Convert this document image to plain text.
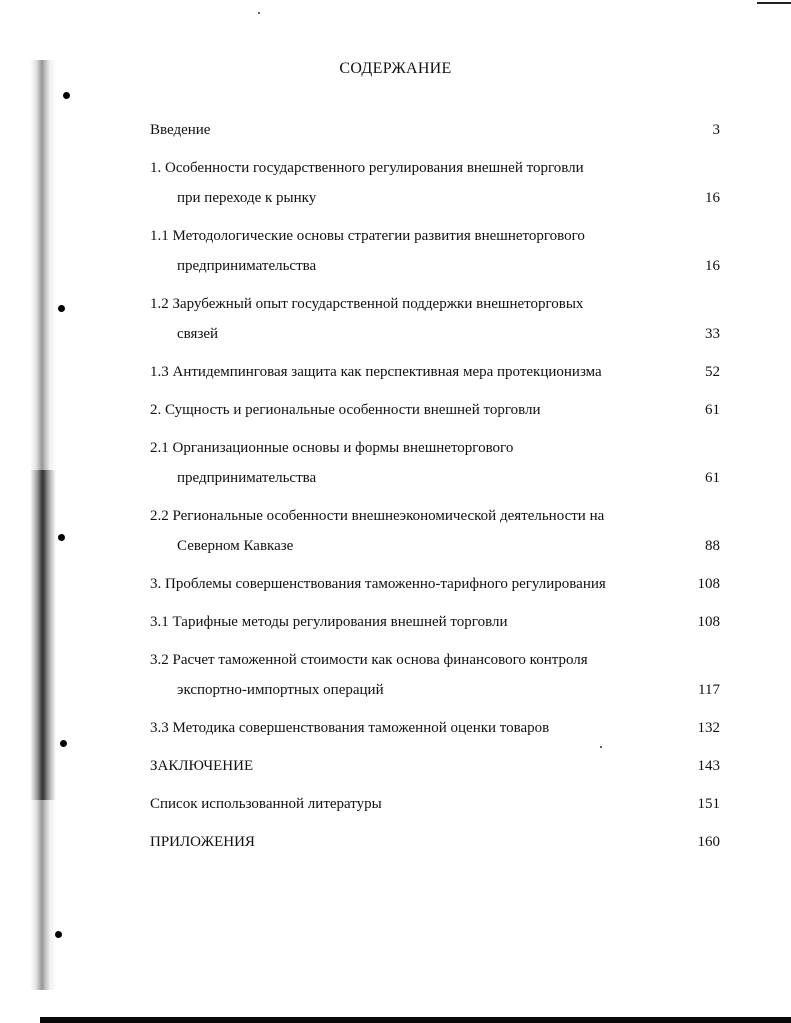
СОДЕРЖАНИЕ
Введение	3
1. Особенности государственного регулирования внешней торговли
при переходе к рынку	16
1.1 Методологические основы стратегии развития внешнеторгового
предпринимательства	16
1.2 Зарубежный опыт государственной поддержки внешнеторговых
связей	33
1.3 Антидемпинговая защита как перспективная мера протекционизма	52
2. Сущность и региональные особенности внешней торговли	61
2.1 Организационные основы и формы внешнеторгового
предпринимательства	61
2.2 Региональные особенности внешнеэкономической деятельности на
Северном Кавказе	88
3. Проблемы совершенствования таможенно-тарифного регулирования	108
3.1 Тарифные методы регулирования внешней торговли	108
3.2 Расчет таможенной стоимости как основа финансового контроля
экспортно-импортных операций	117
3.3 Методика совершенствования таможенной оценки товаров	132
ЗАКЛЮЧЕНИЕ	143
Список использованной литературы	151
ПРИЛОЖЕНИЯ	160
